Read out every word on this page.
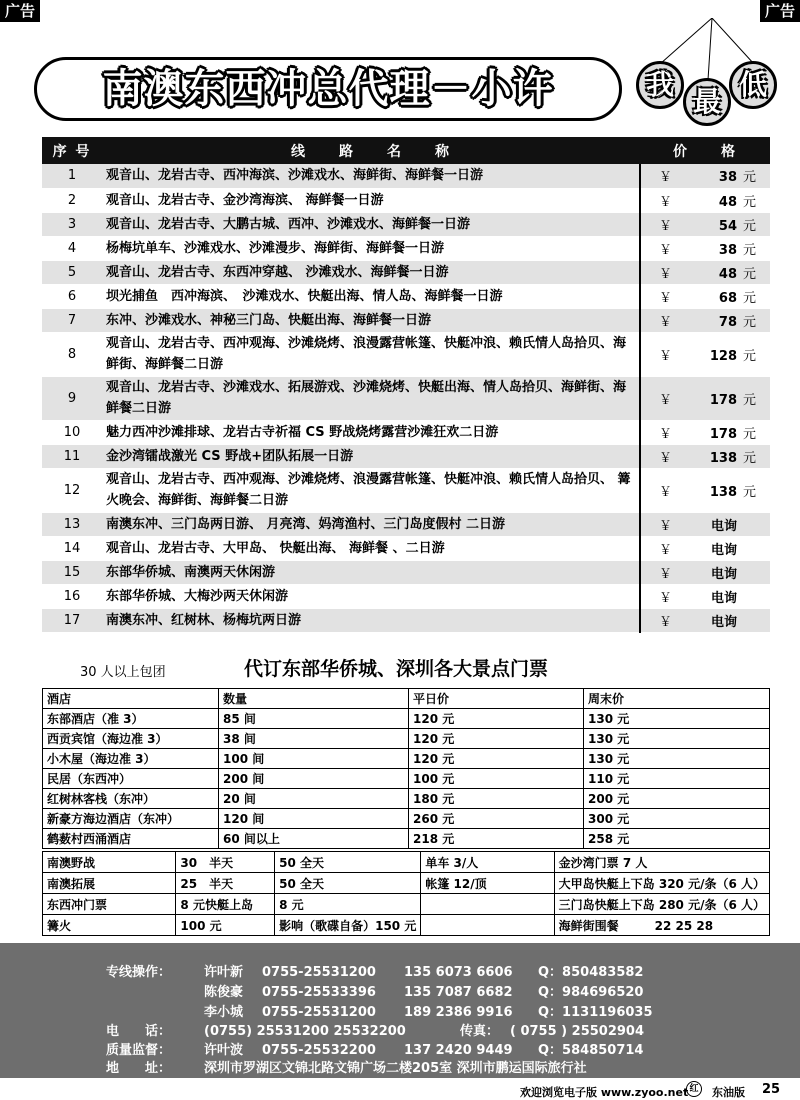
广告	广告
南澳东西冲总代理－小许	我
最
低
序 号	线　　路　　名　　称	价　　格
1	观音山、龙岩古寺、西冲海滨、沙滩戏水、海鲜街、海鲜餐一日游	￥ 38 元
2	观音山、龙岩古寺、金沙湾海滨、 海鲜餐一日游	￥ 48 元
3	观音山、龙岩古寺、大鹏古城、西冲、沙滩戏水、海鲜餐一日游	￥ 54 元
4	杨梅坑单车、沙滩戏水、沙滩漫步、海鲜街、海鲜餐一日游	￥ 38 元
5	观音山、龙岩古寺、东西冲穿越、 沙滩戏水、海鲜餐一日游	￥ 48 元
6	坝光捕鱼　西冲海滨、　沙滩戏水、快艇出海、情人岛、海鲜餐一日游	￥ 68 元
7	东冲、沙滩戏水、神秘三门岛、快艇出海、海鲜餐一日游	￥ 78 元
8	观音山、龙岩古寺、西冲观海、沙滩烧烤、浪漫露营帐篷、快艇冲浪、赖氏情人岛拾贝、海鲜街、海鲜餐二日游	￥ 128 元
9	观音山、龙岩古寺、沙滩戏水、拓展游戏、沙滩烧烤、快艇出海、情人岛拾贝、海鲜街、海鲜餐二日游	￥ 178 元
10	魅力西冲沙滩排球、龙岩古寺祈福 CS 野战烧烤露营沙滩狂欢二日游	￥ 178 元
11	金沙湾镭战激光 CS 野战+团队拓展一日游	￥ 138 元
12	观音山、龙岩古寺、西冲观海、沙滩烧烤、浪漫露营帐篷、快艇冲浪、赖氏情人岛拾贝、 篝火晚会、海鲜街、海鲜餐二日游	￥ 138 元
13	南澳东冲、三门岛两日游、 月亮湾、妈湾渔村、三门岛度假村 二日游	￥ 电询
14	观音山、龙岩古寺、大甲岛、 快艇出海、 海鲜餐 、二日游	￥ 电询
15	东部华侨城、南澳两天休闲游	￥ 电询
16	东部华侨城、大梅沙两天休闲游	￥ 电询
17	南澳东冲、红树林、杨梅坑两日游	￥ 电询
30 人以上包团	代订东部华侨城、深圳各大景点门票
酒店	数量	平日价	周末价
东部酒店（准 3）	85 间	120 元	130 元
西贡宾馆（海边准 3）	38 间	120 元	130 元
小木屋（海边准 3）	100 间	120 元	130 元
民居（东西冲）	200 间	100 元	110 元
红树林客栈（东冲）	20 间	180 元	200 元
新豪方海边酒店（东冲）	120 间	260 元	300 元
鹤薮村西涌酒店	60 间以上	218 元	258 元
南澳野战	30　半天	50 全天	单车 3/人	金沙湾门票 7 人
南澳拓展	25　半天	50 全天	帐篷 12/顶	大甲岛快艇上下岛 320 元/条（6 人）
东西冲门票	8 元快艇上岛	8 元		三门岛快艇上下岛 280 元/条（6 人）
篝火	100 元	影响（歌碟自备）150 元		海鲜街围餐　　　22 25 28
专线操作：	许叶新 0755-25531200 135 6073 6606 Q：850483582
陈俊豪 0755-25533396 135 7087 6682 Q：984696520
李小城 0755-25531200 189 2386 9916 Q：1131196035
电　　话：	(0755) 25531200 25532200	传真： ( 0755 ) 25502904
质量监督：	许叶波 0755-25532200 137 2420 9449 Q：584850714
地　　址：	深圳市罗湖区文锦北路文锦广场二楼205室 深圳市鹏运国际旅行社
欢迎浏览电子版 www.zyoo.net 红	东油版 25
